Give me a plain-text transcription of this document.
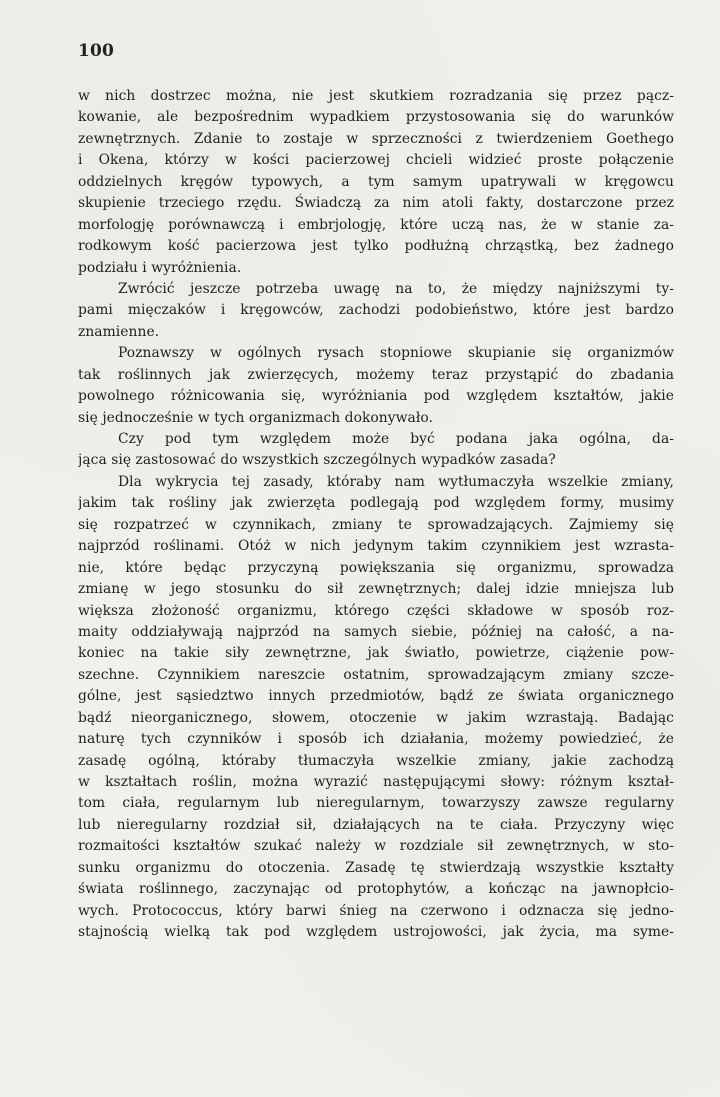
100
w nich dostrzec można, nie jest skutkiem rozradzania się przez pącz-
kowanie, ale bezpośrednim wypadkiem przystosowania się do warunków
zewnętrznych. Zdanie to zostaje w sprzeczności z twierdzeniem Goethego
i Okena, którzy w kości pacierzowej chcieli widzieć proste połączenie
oddzielnych kręgów typowych, a tym samym upatrywali w kręgowcu
skupienie trzeciego rzędu. Świadczą za nim atoli fakty, dostarczone przez
morfologję porównawczą i embrjologję, które uczą nas, że w stanie za-
rodkowym kość pacierzowa jest tylko podłużną chrząstką, bez żadnego
podziału i wyróżnienia.
Zwrócić jeszcze potrzeba uwagę na to, że między najniższymi ty-
pami mięczaków i kręgowców, zachodzi podobieństwo, które jest bardzo
znamienne.
Poznawszy w ogólnych rysach stopniowe skupianie się organizmów
tak roślinnych jak zwierzęcych, możemy teraz przystąpić do zbadania
powolnego różnicowania się, wyróżniania pod względem kształtów, jakie
się jednocześnie w tych organizmach dokonywało.
Czy pod tym względem może być podana jaka ogólna, da-
jąca się zastosować do wszystkich szczególnych wypadków zasada?
Dla wykrycia tej zasady, któraby nam wytłumaczyła wszelkie zmiany,
jakim tak rośliny jak zwierzęta podlegają pod względem formy, musimy
się rozpatrzeć w czynnikach, zmiany te sprowadzających. Zajmiemy się
najprzód roślinami. Otóż w nich jedynym takim czynnikiem jest wzrasta-
nie, które będąc przyczyną powiększania się organizmu, sprowadza
zmianę w jego stosunku do sił zewnętrznych; dalej idzie mniejsza lub
większa złożoność organizmu, którego części składowe w sposób roz-
maity oddziaływają najprzód na samych siebie, później na całość, a na-
koniec na takie siły zewnętrzne, jak światło, powietrze, ciążenie pow-
szechne. Czynnikiem nareszcie ostatnim, sprowadzającym zmiany szcze-
gólne, jest sąsiedztwo innych przedmiotów, bądź ze świata organicznego
bądź nieorganicznego, słowem, otoczenie w jakim wzrastają. Badając
naturę tych czynników i sposób ich działania, możemy powiedzieć, że
zasadę ogólną, któraby tłumaczyła wszelkie zmiany, jakie zachodzą
w kształtach roślin, można wyrazić następującymi słowy: różnym kształ-
tom ciała, regularnym lub nieregularnym, towarzyszy zawsze regularny
lub nieregularny rozdział sił, działających na te ciała. Przyczyny więc
rozmaitości kształtów szukać należy w rozdziale sił zewnętrznych, w sto-
sunku organizmu do otoczenia. Zasadę tę stwierdzają wszystkie kształty
świata roślinnego, zaczynając od protophytów, a kończąc na jawnopłcio-
wych. Protococcus, który barwi śnieg na czerwono i odznacza się jedno-
stajnością wielką tak pod względem ustrojowości, jak życia, ma syme-
